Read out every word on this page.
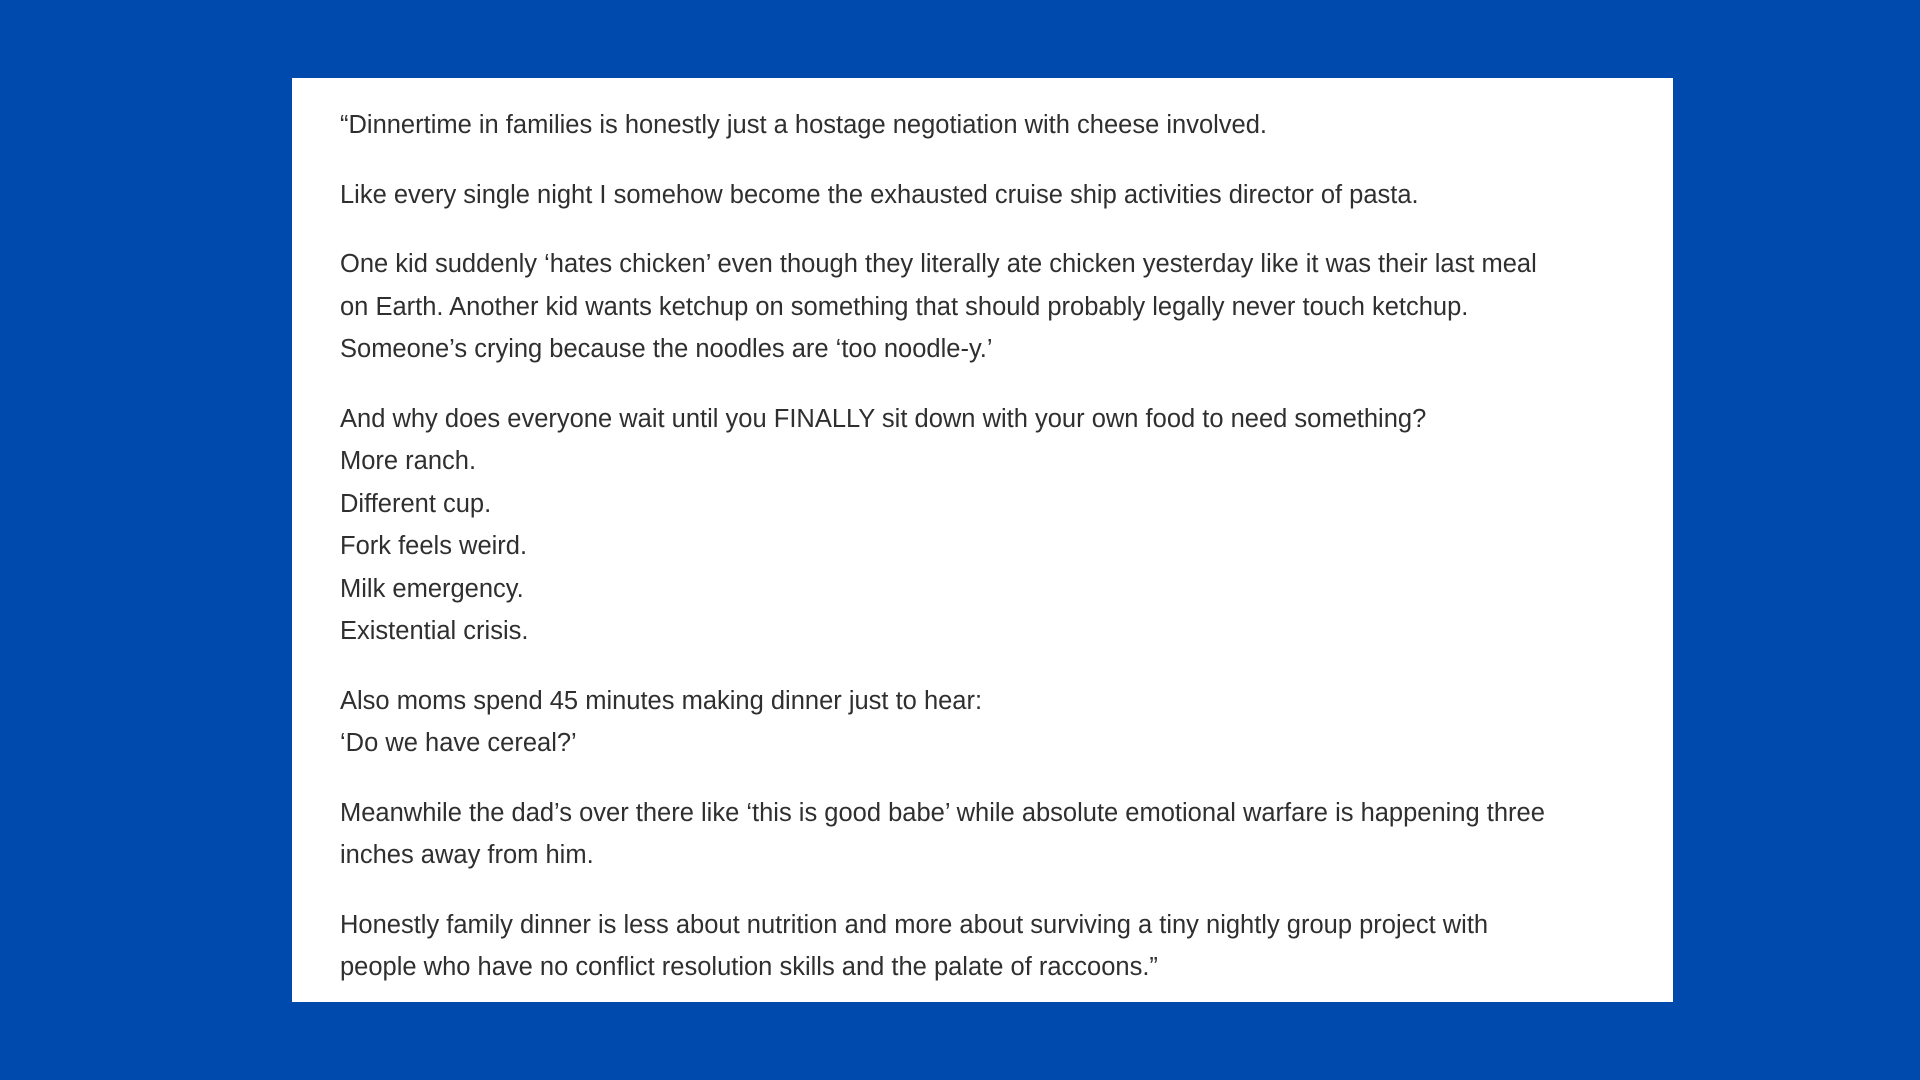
“Dinnertime in families is honestly just a hostage negotiation with cheese involved.

Like every single night I somehow become the exhausted cruise ship activities director of pasta.

One kid suddenly ‘hates chicken’ even though they literally ate chicken yesterday like it was their last meal
on Earth. Another kid wants ketchup on something that should probably legally never touch ketchup.
Someone’s crying because the noodles are ‘too noodle-y.’

And why does everyone wait until you FINALLY sit down with your own food to need something?
More ranch.
Different cup.
Fork feels weird.
Milk emergency.
Existential crisis.

Also moms spend 45 minutes making dinner just to hear:
‘Do we have cereal?’

Meanwhile the dad’s over there like ‘this is good babe’ while absolute emotional warfare is happening three
inches away from him.

Honestly family dinner is less about nutrition and more about surviving a tiny nightly group project with
people who have no conflict resolution skills and the palate of raccoons.”
